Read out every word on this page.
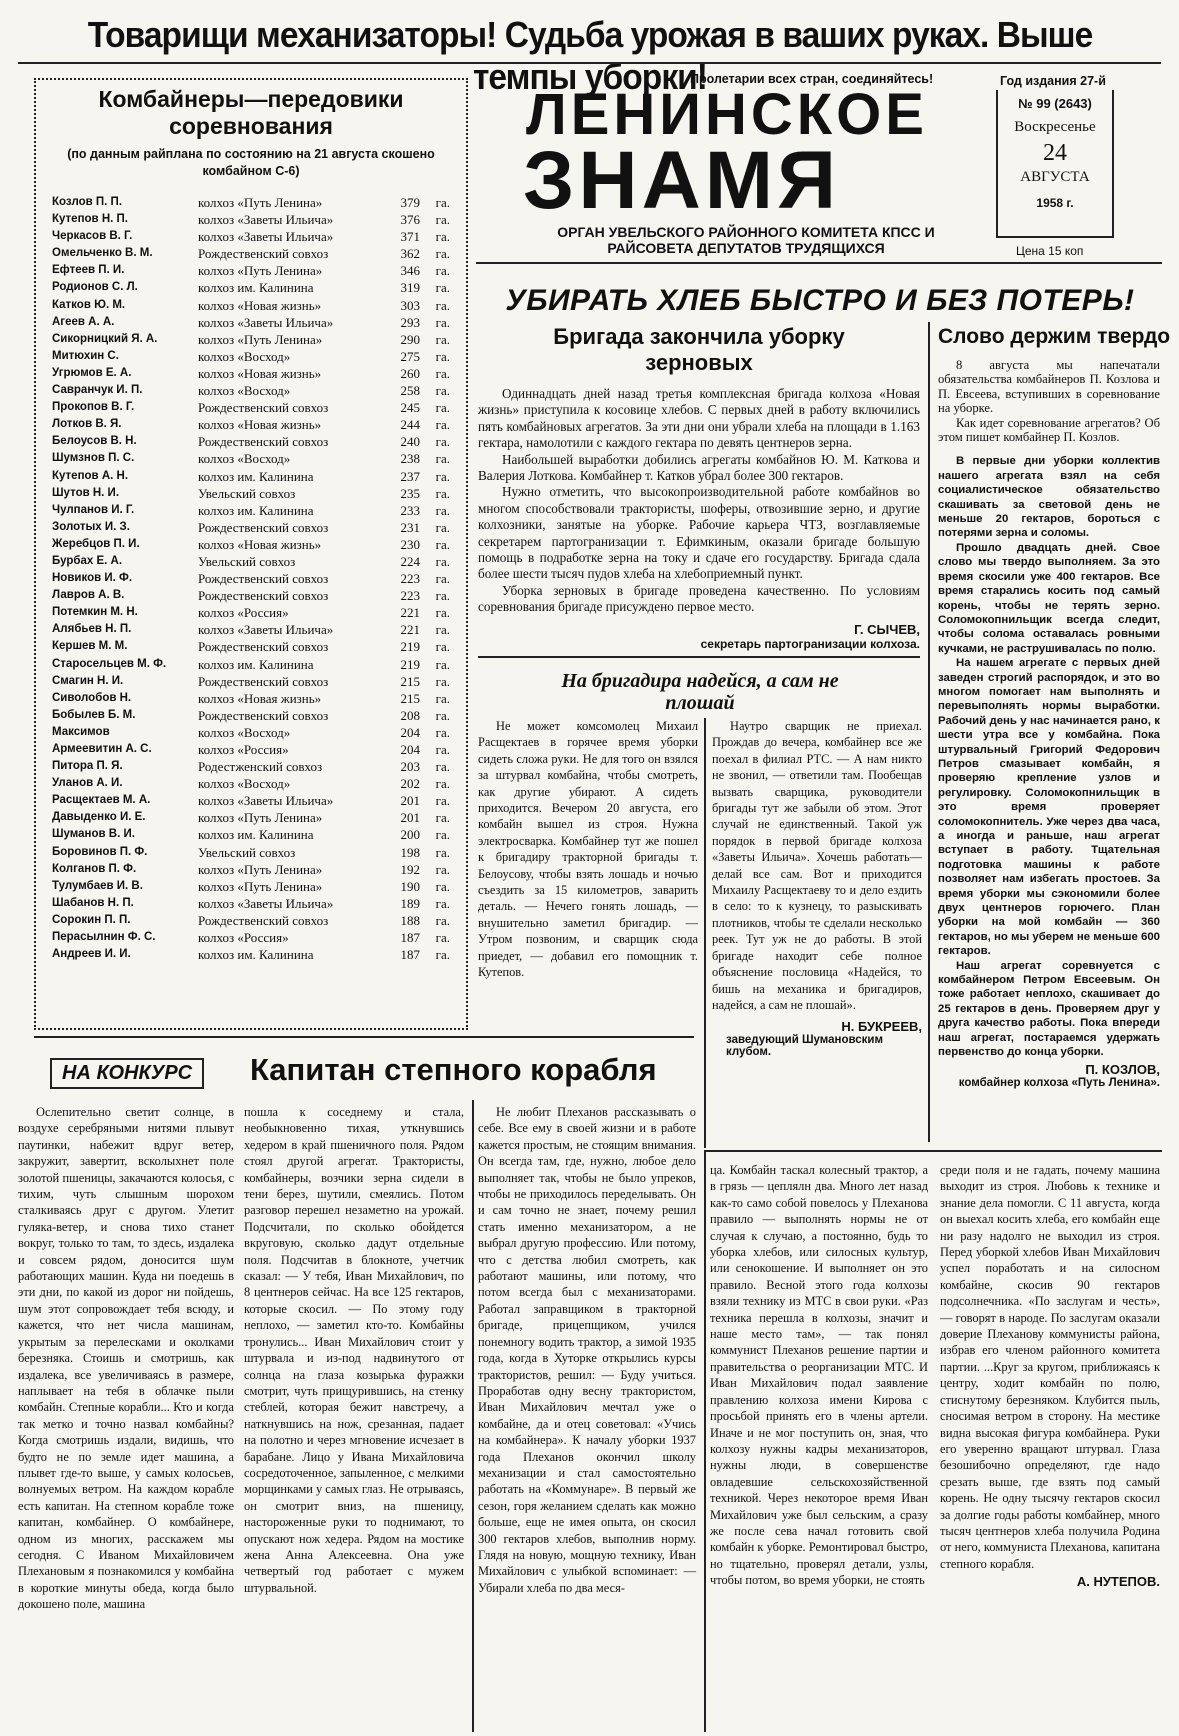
Товарищи механизаторы! Судьба урожая в ваших руках. Выше темпы уборки!
Комбайнеры—передовики соревнования
(по данным райплана по состоянию на 21 августа скошено комбайном С-6)
Козлов П. П.	колхоз «Путь Ленина»	379	га.
Кутепов Н. П.	колхоз «Заветы Ильича»	376	га.
Черкасов В. Г.	колхоз «Заветы Ильича»	371	га.
Омельченко В. М.	Рождественский совхоз	362	га.
Ефтеев П. И.	колхоз «Путь Ленина»	346	га.
Родионов С. Л.	колхоз им. Калинина	319	га.
Катков Ю. М.	колхоз «Новая жизнь»	303	га.
Агеев А. А.	колхоз «Заветы Ильича»	293	га.
Сикорницкий Я. А.	колхоз «Путь Ленина»	290	га.
Митюхин С.	колхоз «Восход»	275	га.
Угрюмов Е. А.	колхоз «Новая жизнь»	260	га.
Савранчук И. П.	колхоз «Восход»	258	га.
Прокопов В. Г.	Рождественский совхоз	245	га.
Лотков В. Я.	колхоз «Новая жизнь»	244	га.
Белоусов В. Н.	Рождественский совхоз	240	га.
Шумзнов П. С.	колхоз «Восход»	238	га.
Кутепов А. Н.	колхоз им. Калинина	237	га.
Шутов Н. И.	Увельский совхоз	235	га.
Чулпанов И. Г.	колхоз им. Калинина	233	га.
Золотых И. З.	Рождественский совхоз	231	га.
Жеребцов П. И.	колхоз «Новая жизнь»	230	га.
Бурбах Е. А.	Увельский совхоз	224	га.
Новиков И. Ф.	Рождественский совхоз	223	га.
Лавров А. В.	Рождественский совхоз	223	га.
Потемкин М. Н.	колхоз «Россия»	221	га.
Алябьев Н. П.	колхоз «Заветы Ильича»	221	га.
Кершев М. М.	Рождественский совхоз	219	га.
Старосельцев М. Ф.	колхоз им. Калинина	219	га.
Смагин Н. И.	Рождественский совхоз	215	га.
Сиволобов Н.	колхоз «Новая жизнь»	215	га.
Бобылев Б. М.	Рождественский совхоз	208	га.
Максимов	колхоз «Восход»	204	га.
Армеевитин А. С.	колхоз «Россия»	204	га.
Питора П. Я.	Родестженский совхоз	203	га.
Уланов А. И.	колхоз «Восход»	202	га.
Расщектаев М. А.	колхоз «Заветы Ильича»	201	га.
Давыденко И. Е.	колхоз «Путь Ленина»	201	га.
Шуманов В. И.	колхоз им. Калинина	200	га.
Боровинов П. Ф.	Увельский совхоз	198	га.
Колганов П. Ф.	колхоз «Путь Ленина»	192	га.
Тулумбаев И. В.	колхоз «Путь Ленина»	190	га.
Шабанов Н. П.	колхоз «Заветы Ильича»	189	га.
Сорокин П. П.	Рождественский совхоз	188	га.
Перасылнин Ф. С.	колхоз «Россия»	187	га.
Андреев И. И.	колхоз им. Калинина	187	га.
Пролетарии всех стран, соединяйтесь!	Год издания 27-й
ЛЕНИНСКОЕ
ЗНАМЯ
ОРГАН УВЕЛЬСКОГО РАЙОННОГО КОМИТЕТА КПСС И РАЙСОВЕТА ДЕПУТАТОВ ТРУДЯЩИХСЯ
№ 99 (2643)
Воскресенье
24
АВГУСТА
1958 г.
Цена 15 коп
УБИРАТЬ ХЛЕБ БЫСТРО И БЕЗ ПОТЕРЬ!
Бригада закончила уборку зерновых

Одиннадцать дней назад третья комплексная бригада колхоза «Новая жизнь» приступила к косовице хлебов. С первых дней в работу включились пять комбайновых агрегатов. За эти дни они убрали хлеба на площади в 1.163 гектара, намолотили с каждого гектара по девять центнеров зерна.

Наибольшей выработки добились агрегаты комбайнов Ю. М. Каткова и Валерия Лоткова. Комбайнер т. Катков убрал более 300 гектаров.

Нужно отметить, что высокопроизводительной работе комбайнов во многом способствовали трактористы, шоферы, отвозившие зерно, и другие колхозники, занятые на уборке. Рабочие карьера ЧТЗ, возглавляемые секретарем партогранизации т. Ефимкиным, оказали бригаде большую помощь в подработке зерна на току и сдаче его государству. Бригада сдала более шести тысяч пудов хлеба на хлебоприемный пункт.

Уборка зерновых в бригаде проведена качественно. По условиям соревнования бригаде присуждено первое место.

Г. СЫЧЕВ,
секретарь партогранизации колхоза.
Слово держим твердо

8 августа мы напечатали обязательства комбайнеров П. Козлова и П. Евсеева, вступивших в соревнование на уборке.

Как идет соревнование агрегатов? Об этом пишет комбайнер П. Козлов.

В первые дни уборки коллектив нашего агрегата взял на себя социалистическое обязательство скашивать за световой день не меньше 20 гектаров, бороться с потерями зерна и соломы.

Прошло двадцать дней. Свое слово мы твердо выполняем. За это время скосили уже 400 гектаров. Все время старались косить под самый корень, чтобы не терять зерно. Соломокопнильщик всегда следит, чтобы солома оставалась ровными кучками, не раструшивалась по полю.

На нашем агрегате с первых дней заведен строгий распорядок, и это во многом помогает нам выполнять и перевыполнять нормы выработки. Рабочий день у нас начинается рано, к шести утра все у комбайна. Пока штурвальный Григорий Федорович Петров смазывает комбайн, я проверяю крепление узлов и регулировку. Соломокопнильщик в это время проверяет соломокопнитель. Уже через два часа, а иногда и раньше, наш агрегат вступает в работу. Тщательная подготовка машины к работе позволяет нам избегать простоев. За время уборки мы сэкономили более двух центнеров горючего. План уборки на мой комбайн — 360 гектаров, но мы уберем не меньше 600 гектаров.

Наш агрегат соревнуется с комбайнером Петром Евсеевым. Он тоже работает неплохо, скашивает до 25 гектаров в день. Проверяем друг у друга качество работы. Пока впереди наш агрегат, постараемся удержать первенство до конца уборки.

П. КОЗЛОВ,
комбайнер колхоза «Путь Ленина».
На бригадира надейся, а сам не плошай

Не может комсомолец Михаил Расщектаев в горячее время уборки сидеть сложа руки. Не для того он взялся за штурвал комбайна, чтобы смотреть, как другие убирают. А сидеть приходится. Вечером 20 августа, его комбайн вышел из строя. Нужна электросварка. Комбайнер тут же пошел к бригадиру тракторной бригады т. Белоусову, чтобы взять лошадь и ночью съездить за 15 километров, заварить деталь. — Нечего гонять лошадь, — внушительно заметил бригадир. — Утром позвоним, и сварщик сюда приедет, — добавил его помощник т. Кутепов.

Наутро сварщик не приехал. Прождав до вечера, комбайнер все же поехал в филиал РТС. — А нам никто не звонил, — ответили там. Пообещав вызвать сварщика, руководители бригады тут же забыли об этом. Этот случай не единственный. Такой уж порядок в первой бригаде колхоза «Заветы Ильича». Хочешь работать—делай все сам. Вот и приходится Михаилу Расщектаеву то и дело ездить в село: то к кузнецу, то разыскивать плотников, чтобы те сделали несколько реек. Тут уж не до работы. В этой бригаде находит себе полное объяснение пословица «Надейся, то бишь на механика и бригадиров, надейся, а сам не плошай».

Н. БУКРЕЕВ,
заведующий Шумановским клубом.
НА КОНКУРС	Капитан степного корабля

Ослепительно светит солнце, в воздухе серебряными нитями плывут паутинки, набежит вдруг ветер, закружит, завертит, всколыхнет поле золотой пшеницы, закачаются колосья, с тихим, чуть слышным шорохом сталкиваясь друг с другом. Улетит гуляка-ветер, и снова тихо станет вокруг, только то там, то здесь, издалека и совсем рядом, доносится шум работающих машин. Куда ни поедешь в эти дни, по какой из дорог ни пойдешь, шум этот сопровождает тебя всюду, и кажется, что нет числа машинам, укрытым за перелесками и околками березняка. Стоишь и смотришь, как издалека, все увеличиваясь в размере, наплывает на тебя в облачке пыли комбайн. Степные корабли... Кто и когда так метко и точно назвал комбайны? Когда смотришь издали, видишь, что будто не по земле идет машина, а плывет где-то выше, у самых колосьев, волнуемых ветром. На каждом корабле есть капитан. На степном корабле тоже капитан, комбайнер. О комбайнере, одном из многих, расскажем мы сегодня. С Иваном Михайловичем Плехановым я познакомился у комбайна в короткие минуты обеда, когда было докошено поле, машина

пошла к соседнему и стала, необыкновенно тихая, уткнувшись хедером в край пшеничного поля. Рядом стоял другой агрегат. Трактористы, комбайнеры, возчики зерна сидели в тени берез, шутили, смеялись. Потом разговор перешел незаметно на урожай. Подсчитали, по сколько обойдется вкруговую, сколько дадут отдельные поля. Подсчитав в блокноте, учетчик сказал: — У тебя, Иван Михайлович, по 8 центнеров сейчас. На все 125 гектаров, которые скосил. — По этому году неплохо, — заметил кто-то. Комбайны тронулись... Иван Михайлович стоит у штурвала и из-под надвинутого от солнца на глаза козырька фуражки смотрит, чуть прищурившись, на стенку стеблей, которая бежит навстречу, а наткнувшись на нож, срезанная, падает на полотно и через мгновение исчезает в барабане. Лицо у Ивана Михайловича сосредоточенное, запыленное, с мелкими морщинками у самых глаз. Не отрываясь, он смотрит вниз, на пшеницу, настороженные руки то поднимают, то опускают нож хедера. Рядом на мостике жена Анна Алексеевна. Она уже четвертый год работает с мужем штурвальной.

Не любит Плеханов рассказывать о себе. Все ему в своей жизни и в работе кажется простым, не стоящим внимания. Он всегда там, где, нужно, любое дело выполняет так, чтобы не было упреков, чтобы не приходилось переделывать. Он и сам точно не знает, почему решил стать именно механизатором, а не выбрал другую профессию. Или потому, что с детства любил смотреть, как работают машины, или потому, что потом всегда был с механизаторами. Работал заправщиком в тракторной бригаде, прицепщиком, учился понемногу водить трактор, а зимой 1935 года, когда в Хуторке открылись курсы трактористов, решил: — Буду учиться. Проработав одну весну трактористом, Иван Михайлович мечтал уже о комбайне, да и отец советовал: «Учись на комбайнера». К началу уборки 1937 года Плеханов окончил школу механизации и стал самостоятельно работать на «Коммунаре». В первый же сезон, горя желанием сделать как можно больше, еще не имея опыта, он скосил 300 гектаров хлебов, выполнив норму. Глядя на новую, мощную технику, Иван Михайлович с улыбкой вспоминает: — Убирали хлеба по два меся-

ца. Комбайн таскал колесный трактор, а в грязь — цеплялн два. Много лет назад как-то само собой повелось у Плеханова правило — выполнять нормы не от случая к случаю, а постоянно, будь то уборка хлебов, или силосных культур, или сенокошение. И выполняет он это правило. Весной этого года колхозы взяли технику из МТС в свои руки. «Раз техника перешла в колхозы, значит и наше место там», — так понял коммунист Плеханов решение партии и правительства о реорганизации МТС. И Иван Михайлович подал заявление правлению колхоза имени Кирова с просьбой принять его в члены артели. Иначе и не мог поступить он, зная, что колхозу нужны кадры механизаторов, нужны люди, в совершенстве овладевшие сельскохозяйственной техникой. Через некоторое время Иван Михайлович уже был сельским, а сразу же после сева начал готовить свой комбайн к уборке. Ремонтировал быстро, но тщательно, проверял детали, узлы, чтобы потом, во время уборки, не стоять

среди поля и не гадать, почему машина выходит из строя. Любовь к технике и знание дела помогли. С 11 августа, когда он выехал косить хлеба, его комбайн еще ни разу надолго не выходил из строя. Перед уборкой хлебов Иван Михайлович успел поработать и на силосном комбайне, скосив 90 гектаров подсолнечника. «По заслугам и честь», — говорят в народе. По заслугам оказали доверие Плеханову коммунисты района, избрав его членом районного комитета партии. ...Круг за кругом, приближаясь к центру, ходит комбайн по полю, стиснутому березняком. Клубится пыль, сносимая ветром в сторону. На местике видна высокая фигура комбайнера. Руки его уверенно вращают штурвал. Глаза безошибочно определяют, где надо срезать выше, где взять под самый корень. Не одну тысячу гектаров скосил за долгие годы работы комбайнер, много тысяч центнеров хлеба получила Родина от него, коммуниста Плеханова, капитана степного корабля.

А. НУТЕПОВ.
